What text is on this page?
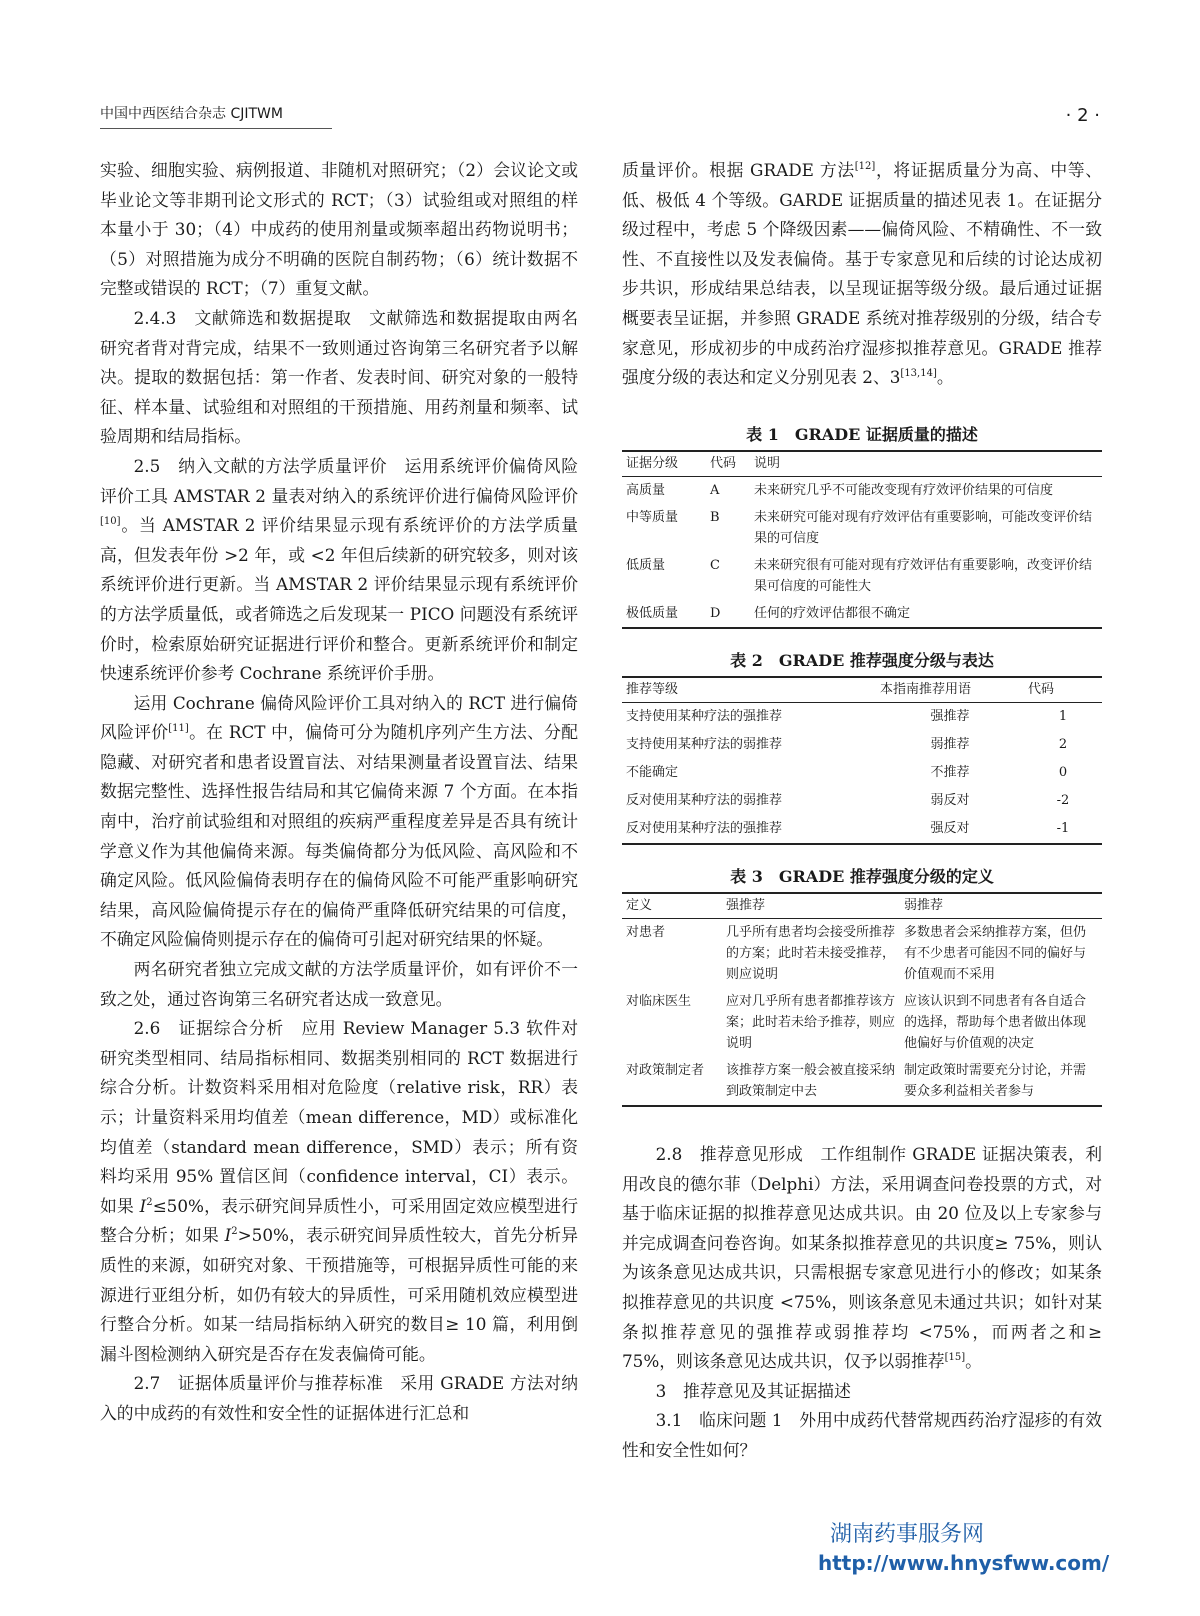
中国中西医结合杂志 CJITWM	· 2 ·

实验、细胞实验、病例报道、非随机对照研究；（2）会议论文或毕业论文等非期刊论文形式的 RCT；（3）试验组或对照组的样本量小于 30；（4）中成药的使用剂量或频率超出药物说明书；（5）对照措施为成分不明确的医院自制药物；（6）统计数据不完整或错误的 RCT；（7）重复文献。

2.4.3　文献筛选和数据提取　文献筛选和数据提取由两名研究者背对背完成，结果不一致则通过咨询第三名研究者予以解决。提取的数据包括：第一作者、发表时间、研究对象的一般特征、样本量、试验组和对照组的干预措施、用药剂量和频率、试验周期和结局指标。

2.5　纳入文献的方法学质量评价　运用系统评价偏倚风险评价工具 AMSTAR 2 量表对纳入的系统评价进行偏倚风险评价[10]。当 AMSTAR 2 评价结果显示现有系统评价的方法学质量高，但发表年份 >2 年，或 <2 年但后续新的研究较多，则对该系统评价进行更新。当 AMSTAR 2 评价结果显示现有系统评价的方法学质量低，或者筛选之后发现某一 PICO 问题没有系统评价时，检索原始研究证据进行评价和整合。更新系统评价和制定快速系统评价参考 Cochrane 系统评价手册。

运用 Cochrane 偏倚风险评价工具对纳入的 RCT 进行偏倚风险评价[11]。在 RCT 中，偏倚可分为随机序列产生方法、分配隐藏、对研究者和患者设置盲法、对结果测量者设置盲法、结果数据完整性、选择性报告结局和其它偏倚来源 7 个方面。在本指南中，治疗前试验组和对照组的疾病严重程度差异是否具有统计学意义作为其他偏倚来源。每类偏倚都分为低风险、高风险和不确定风险。低风险偏倚表明存在的偏倚风险不可能严重影响研究结果，高风险偏倚提示存在的偏倚严重降低研究结果的可信度，不确定风险偏倚则提示存在的偏倚可引起对研究结果的怀疑。

两名研究者独立完成文献的方法学质量评价，如有评价不一致之处，通过咨询第三名研究者达成一致意见。

2.6　证据综合分析　应用 Review Manager 5.3 软件对研究类型相同、结局指标相同、数据类别相同的 RCT 数据进行综合分析。计数资料采用相对危险度（relative risk，RR）表示；计量资料采用均值差（mean difference，MD）或标准化均值差（standard mean difference，SMD）表示；所有资料均采用 95% 置信区间（confidence interval，CI）表示。如果 $I^2\le 50\%$，表示研究间异质性小，可采用固定效应模型进行整合分析；如果 $I^2>50\%$，表示研究间异质性较大，首先分析异质性的来源，如研究对象、干预措施等，可根据异质性可能的来源进行亚组分析，如仍有较大的异质性，可采用随机效应模型进行整合分析。如某一结局指标纳入研究的数目≥ 10 篇，利用倒漏斗图检测纳入研究是否存在发表偏倚可能。

2.7　证据体质量评价与推荐标准　采用 GRADE 方法对纳入的中成药的有效性和安全性的证据体进行汇总和

质量评价。根据 GRADE 方法[12]，将证据质量分为高、中等、低、极低 4 个等级。GARDE 证据质量的描述见表 1。在证据分级过程中，考虑 5 个降级因素——偏倚风险、不精确性、不一致性、不直接性以及发表偏倚。基于专家意见和后续的讨论达成初步共识，形成结果总结表，以呈现证据等级分级。最后通过证据概要表呈证据，并参照 GRADE 系统对推荐级别的分级，结合专家意见，形成初步的中成药治疗湿疹拟推荐意见。GRADE 推荐强度分级的表达和定义分别见表 2、3[13,14]。

表 1　GRADE 证据质量的描述
证据分级	代码	说明
高质量	A	未来研究几乎不可能改变现有疗效评价结果的可信度
中等质量	B	未来研究可能对现有疗效评估有重要影响，可能改变评价结果的可信度
低质量	C	未来研究很有可能对现有疗效评估有重要影响，改变评价结果可信度的可能性大
极低质量	D	任何的疗效评估都很不确定
表 2　GRADE 推荐强度分级与表达
推荐等级	本指南推荐用语	代码
支持使用某种疗法的强推荐	强推荐	1
支持使用某种疗法的弱推荐	弱推荐	2
不能确定	不推荐	0
反对使用某种疗法的弱推荐	弱反对	-2
反对使用某种疗法的强推荐	强反对	-1
表 3　GRADE 推荐强度分级的定义
定义	强推荐	弱推荐
对患者	几乎所有患者均会接受所推荐的方案；此时若未接受推荐，则应说明	多数患者会采纳推荐方案，但仍有不少患者可能因不同的偏好与价值观而不采用
对临床医生	应对几乎所有患者都推荐该方案；此时若未给予推荐，则应说明	应该认识到不同患者有各自适合的选择，帮助每个患者做出体现他偏好与价值观的决定
对政策制定者	该推荐方案一般会被直接采纳到政策制定中去	制定政策时需要充分讨论，并需要众多利益相关者参与

2.8　推荐意见形成　工作组制作 GRADE 证据决策表，利用改良的德尔菲（Delphi）方法，采用调查问卷投票的方式，对基于临床证据的拟推荐意见达成共识。由 20 位及以上专家参与并完成调查问卷咨询。如某条拟推荐意见的共识度≥ 75%，则认为该条意见达成共识，只需根据专家意见进行小的修改；如某条拟推荐意见的共识度 <75%，则该条意见未通过共识；如针对某条拟推荐意见的强推荐或弱推荐均 <75%，而两者之和≥ 75%，则该条意见达成共识，仅予以弱推荐[15]。

3　推荐意见及其证据描述

3.1　临床问题 1　外用中成药代替常规西药治疗湿疹的有效性和安全性如何？

湖南药事服务网
http://www.hnysfww.com/
